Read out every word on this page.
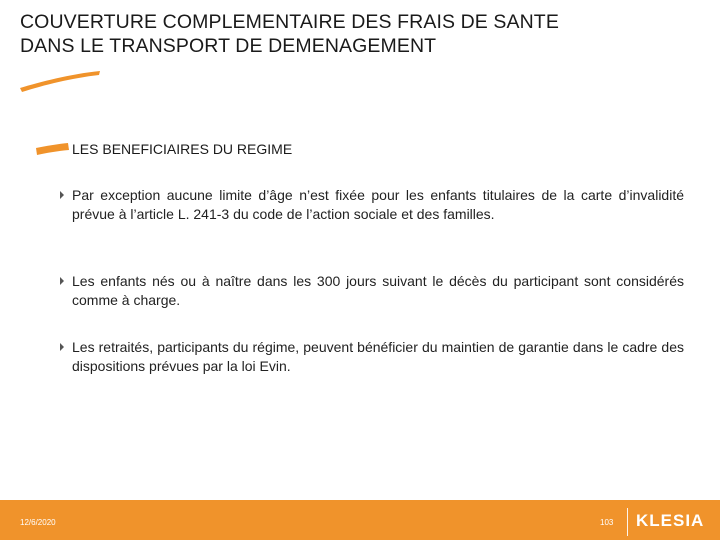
COUVERTURE COMPLEMENTAIRE DES FRAIS DE SANTE
DANS LE TRANSPORT DE DEMENAGEMENT
LES BENEFICIAIRES DU REGIME
Par exception aucune limite d’âge n’est fixée pour les enfants titulaires de la carte d’invalidité prévue à l’article L. 241-3 du code de l’action sociale et des familles.
Les enfants nés ou à naître dans les 300 jours suivant le décès du participant sont considérés comme à charge.
Les retraités, participants du régime, peuvent bénéficier du maintien de garantie dans le cadre des dispositions prévues par la loi Evin.
12/6/2020	103 KLESIA
